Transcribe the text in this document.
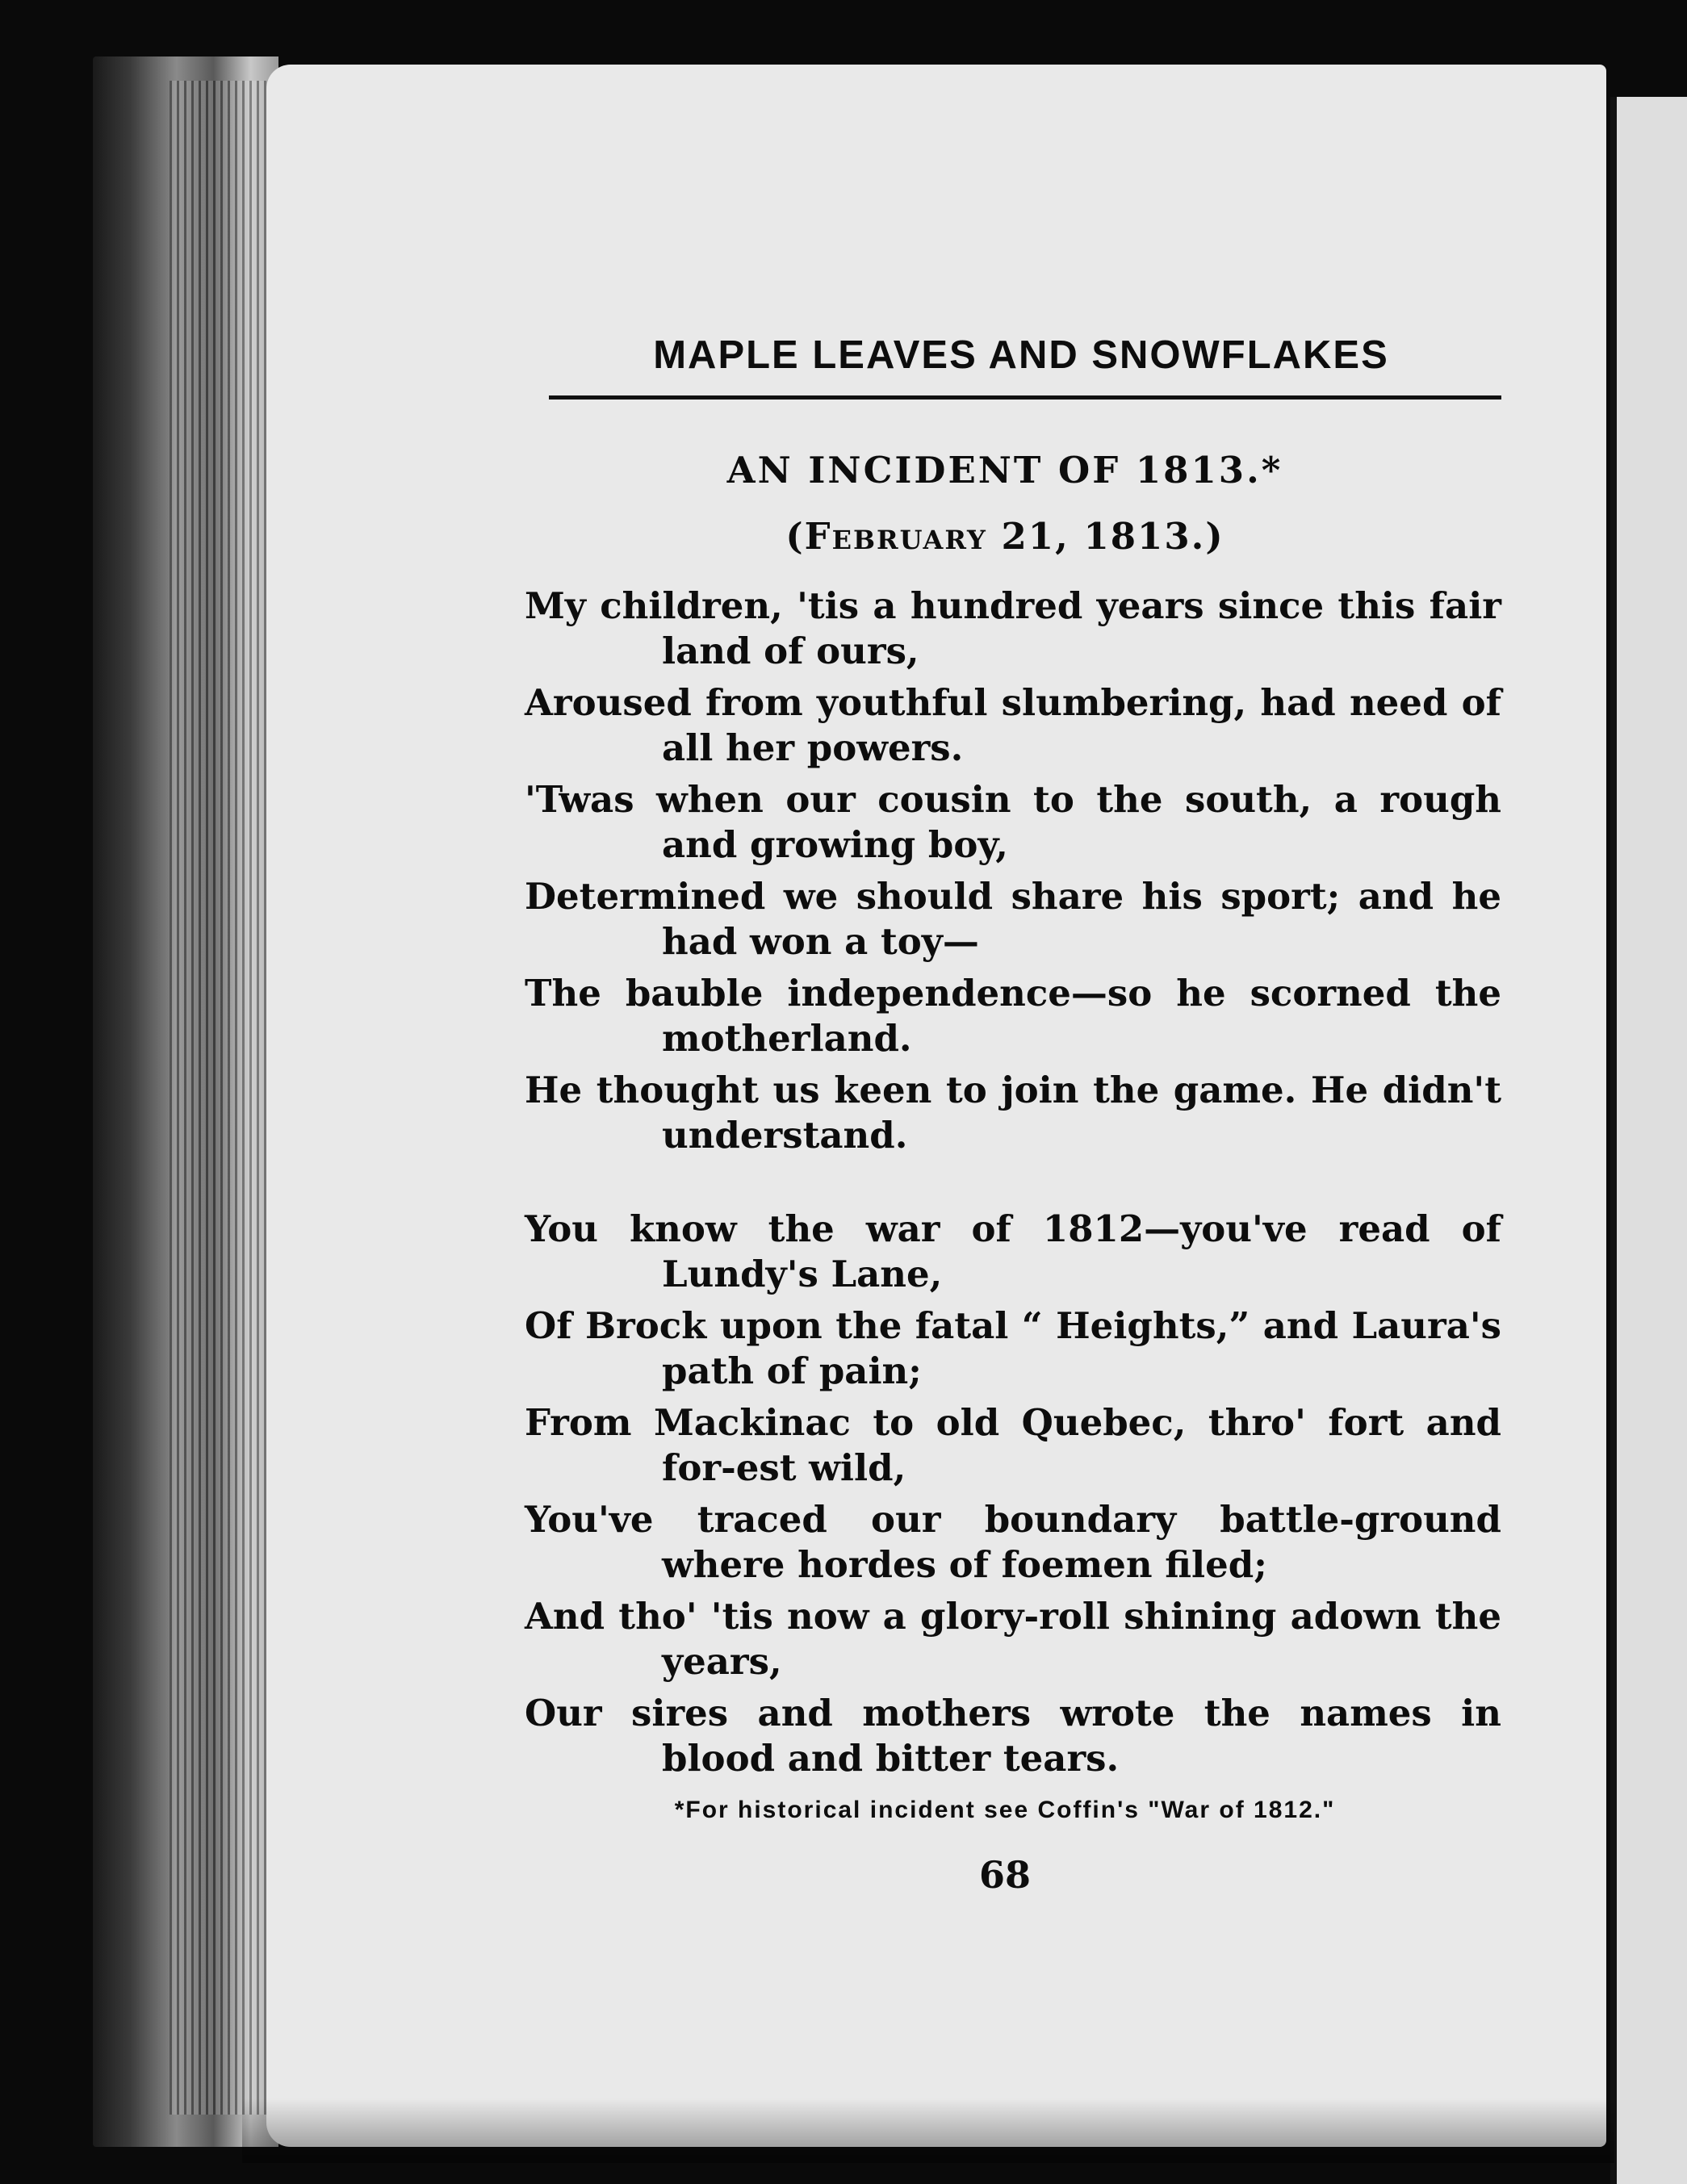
MAPLE LEAVES AND SNOWFLAKES
AN INCIDENT OF 1813.*
(February 21, 1813.)
My children, 'tis a hundred years since this fair land of ours,
Aroused from youthful slumbering, had need of all her powers.
'Twas when our cousin to the south, a rough and growing boy,
Determined we should share his sport; and he had won a toy—
The bauble independence—so he scorned the motherland.
He thought us keen to join the game. He didn't understand.
You know the war of 1812—you've read of Lundy's Lane,
Of Brock upon the fatal “ Heights,” and Laura's path of pain;
From Mackinac to old Quebec, thro' fort and for-est wild,
You've traced our boundary battle-ground where hordes of foemen filed;
And tho' 'tis now a glory-roll shining adown the years,
Our sires and mothers wrote the names in blood and bitter tears.
*For historical incident see Coffin's "War of 1812."
68
